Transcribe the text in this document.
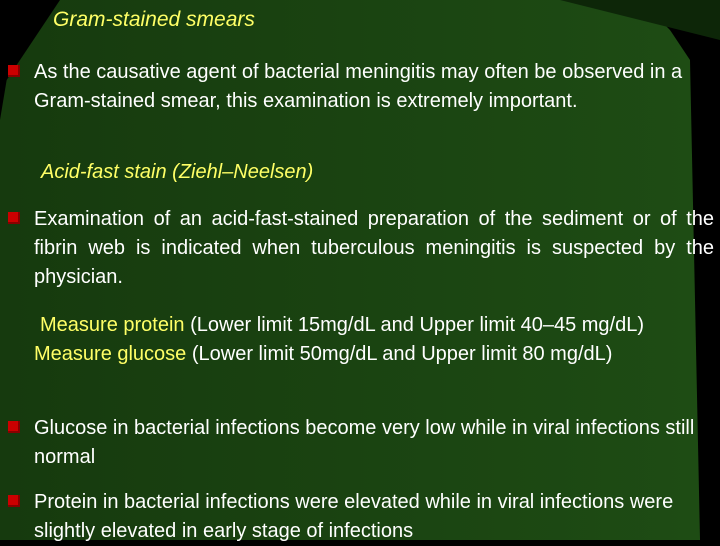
Gram-stained smears
As the causative agent of bacterial meningitis may often be observed in a Gram-stained smear, this examination is extremely important.
Acid-fast stain (Ziehl–Neelsen)
Examination of an acid-fast-stained preparation of the sediment or of the fibrin web is indicated when tuberculous meningitis is suspected by the physician.
Measure protein (Lower limit 15mg/dL and Upper limit 40–45 mg/dL) Measure glucose (Lower limit 50mg/dL and Upper limit 80 mg/dL)
Glucose in bacterial infections become very low while in viral infections still normal
Protein in bacterial infections were elevated while in viral infections were slightly elevated in early stage of infections
